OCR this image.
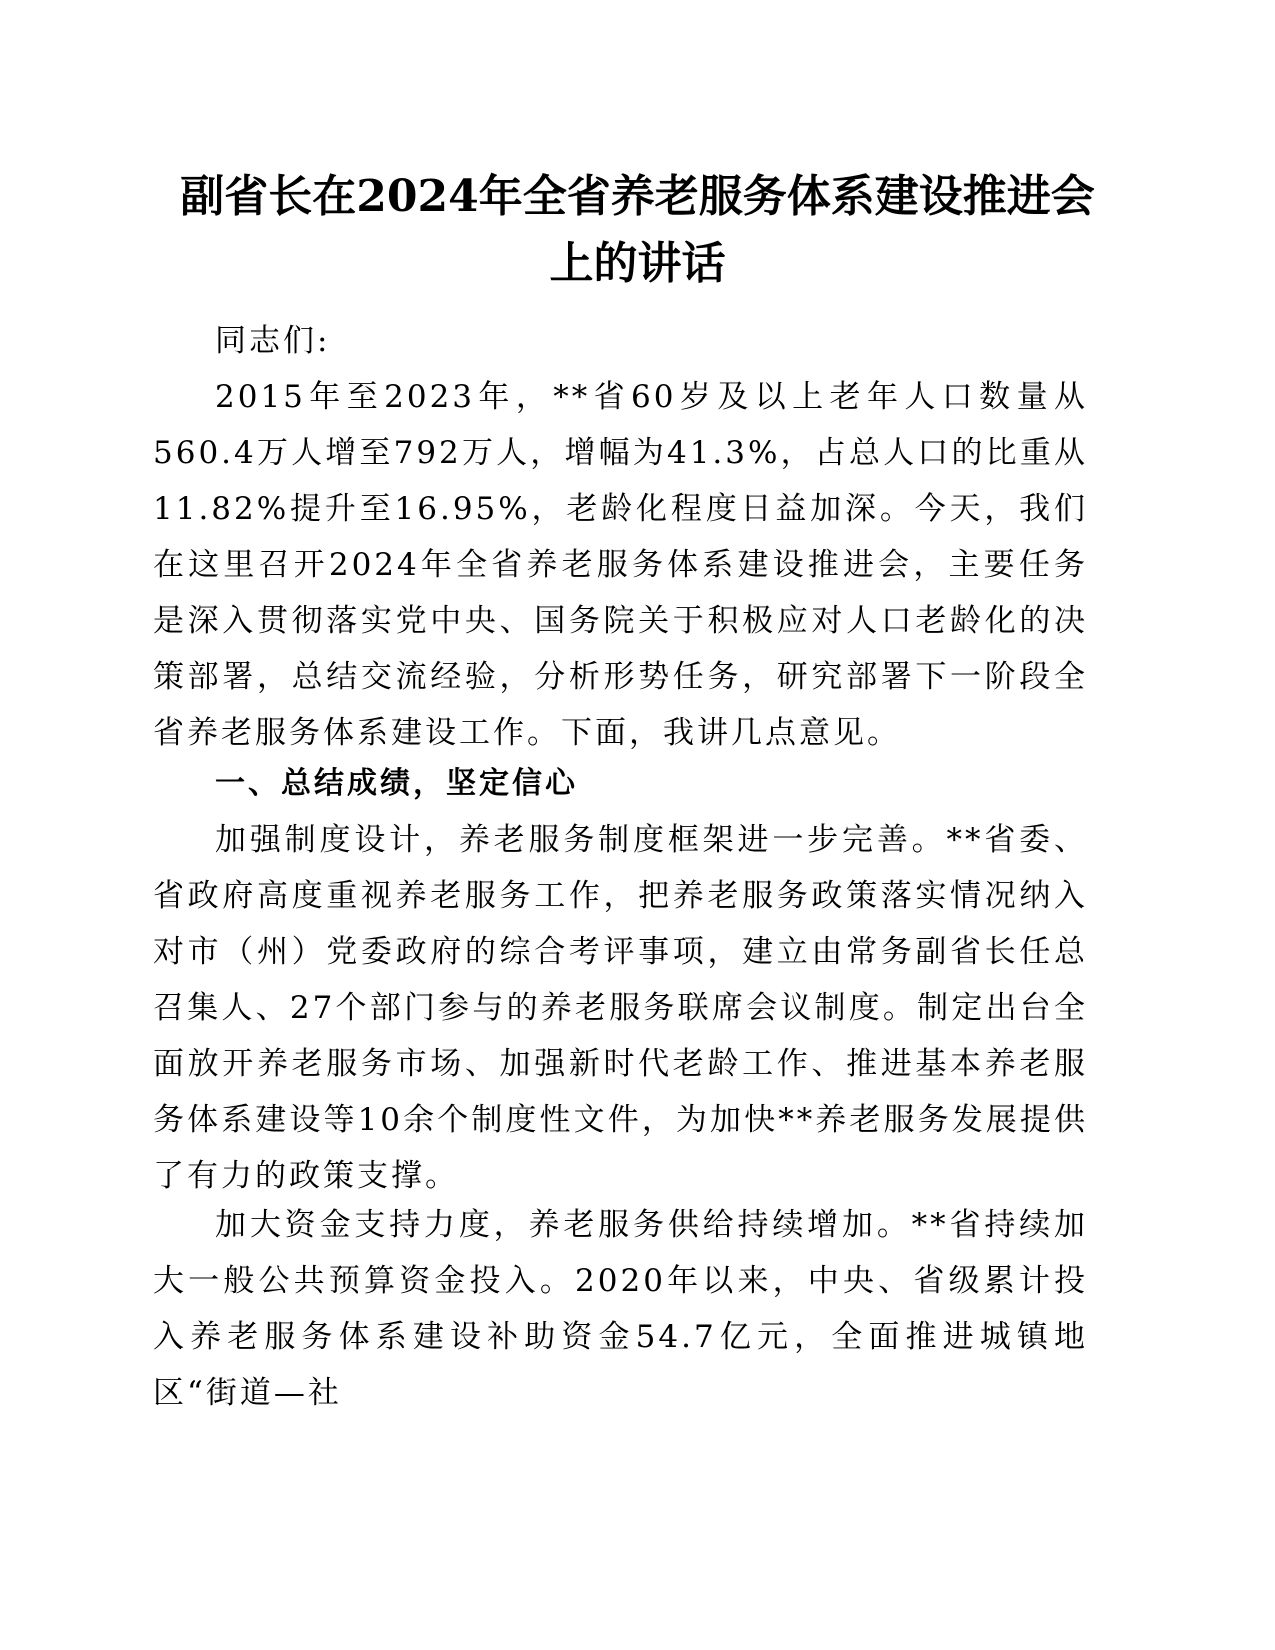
副省长在2024年全省养老服务体系建设推进会
上的讲话

同志们:

2015年至2023年，**省60岁及以上老年人口数量从560.4万人增至792万人，增幅为41.3%，占总人口的比重从11.82%提升至16.95%，老龄化程度日益加深。今天，我们在这里召开2024年全省养老服务体系建设推进会，主要任务是深入贯彻落实党中央、国务院关于积极应对人口老龄化的决策部署，总结交流经验，分析形势任务，研究部署下一阶段全省养老服务体系建设工作。下面，我讲几点意见。

一、总结成绩，坚定信心

加强制度设计，养老服务制度框架进一步完善。**省委、省政府高度重视养老服务工作，把养老服务政策落实情况纳入对市（州）党委政府的综合考评事项，建立由常务副省长任总召集人、27个部门参与的养老服务联席会议制度。制定出台全面放开养老服务市场、加强新时代老龄工作、推进基本养老服务体系建设等10余个制度性文件，为加快**养老服务发展提供了有力的政策支撑。

加大资金支持力度，养老服务供给持续增加。**省持续加大一般公共预算资金投入。2020年以来，中央、省级累计投入养老服务体系建设补助资金54.7亿元，全面推进城镇地区“街道—社
